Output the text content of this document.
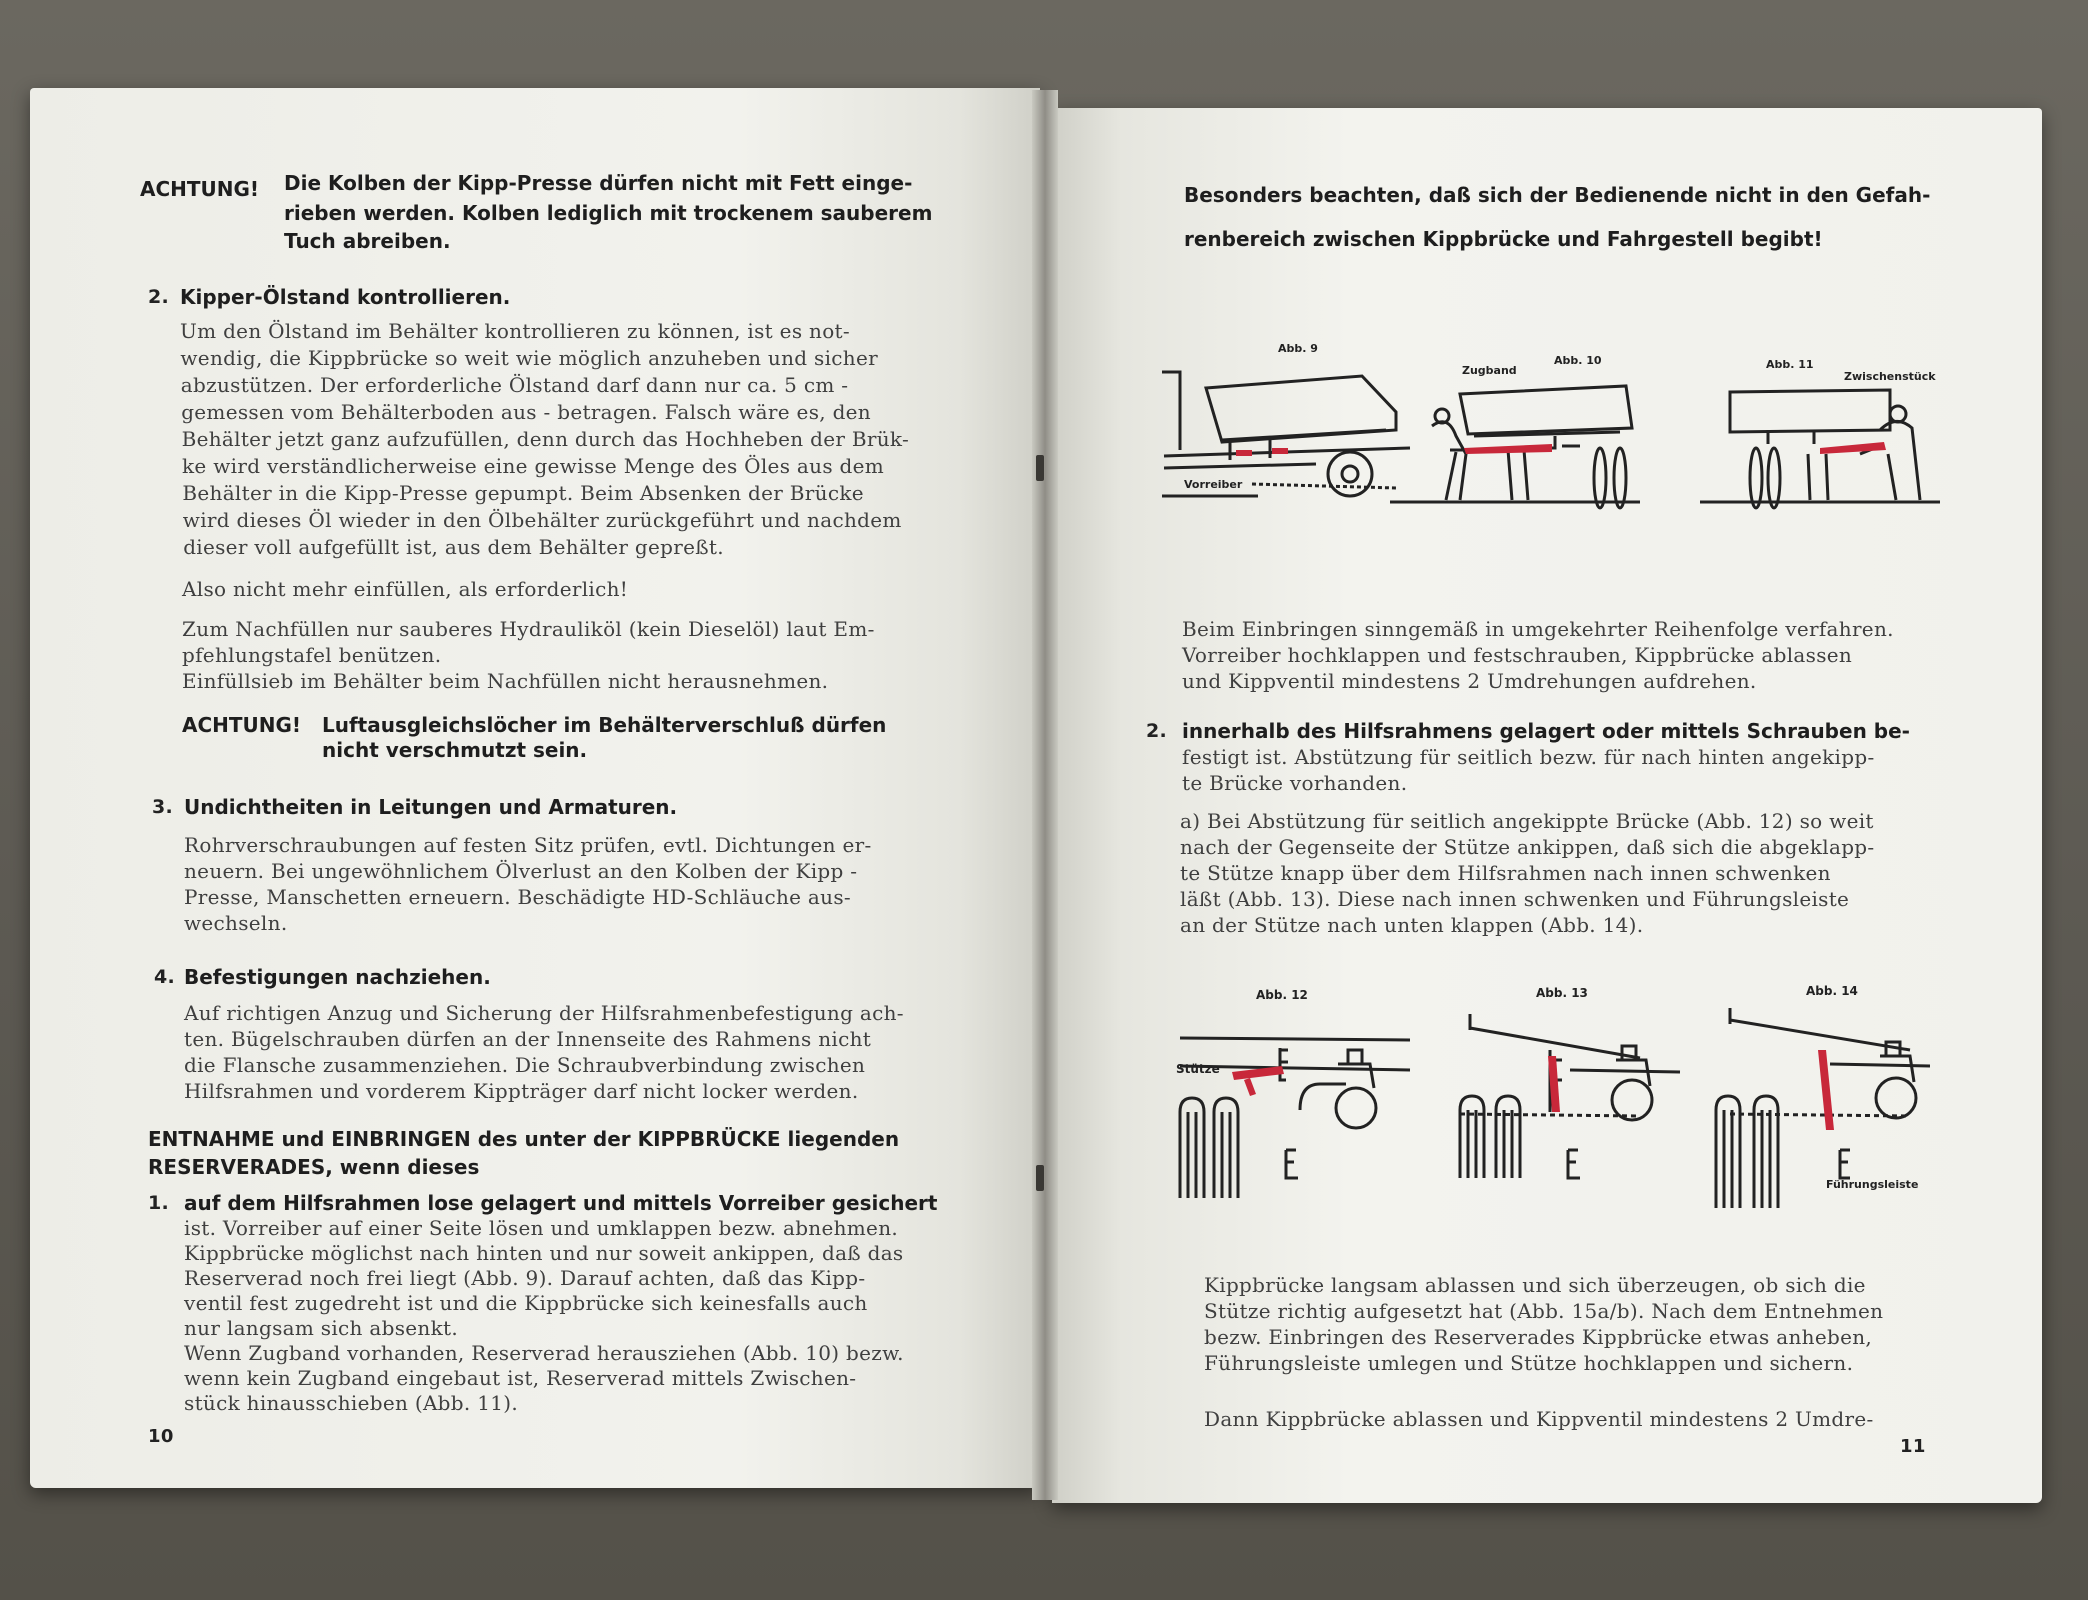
ACHTUNG! Die Kolben der Kipp-Presse dürfen nicht mit Fett einge-
rieben werden. Kolben lediglich mit trockenem sauberem
Tuch abreiben.
2. Kipper-Ölstand kontrollieren.
Um den Ölstand im Behälter kontrollieren zu können, ist es not-
wendig, die Kippbrücke so weit wie möglich anzuheben und sicher
abzustützen. Der erforderliche Ölstand darf dann nur ca. 5 cm -
gemessen vom Behälterboden aus - betragen. Falsch wäre es, den
Behälter jetzt ganz aufzufüllen, denn durch das Hochheben der Brük-
ke wird verständlicherweise eine gewisse Menge des Öles aus dem
Behälter in die Kipp-Presse gepumpt. Beim Absenken der Brücke
wird dieses Öl wieder in den Ölbehälter zurückgeführt und nachdem
dieser voll aufgefüllt ist, aus dem Behälter gepreßt.
Also nicht mehr einfüllen, als erforderlich!
Zum Nachfüllen nur sauberes Hydrauliköl (kein Dieselöl) laut Em-
pfehlungstafel benützen.
Einfüllsieb im Behälter beim Nachfüllen nicht herausnehmen.
ACHTUNG! Luftausgleichslöcher im Behälterverschluß dürfen
nicht verschmutzt sein.
3. Undichtheiten in Leitungen und Armaturen.
Rohrverschraubungen auf festen Sitz prüfen, evtl. Dichtungen er-
neuern. Bei ungewöhnlichem Ölverlust an den Kolben der Kipp -
Presse, Manschetten erneuern. Beschädigte HD-Schläuche aus-
wechseln.
4. Befestigungen nachziehen.
Auf richtigen Anzug und Sicherung der Hilfsrahmenbefestigung ach-
ten. Bügelschrauben dürfen an der Innenseite des Rahmens nicht
die Flansche zusammenziehen. Die Schraubverbindung zwischen
Hilfsrahmen und vorderem Kippträger darf nicht locker werden.
ENTNAHME und EINBRINGEN des unter der KIPPBRÜCKE liegenden
RESERVERADES, wenn dieses
1. auf dem Hilfsrahmen lose gelagert und mittels Vorreiber gesichert
ist. Vorreiber auf einer Seite lösen und umklappen bezw. abnehmen.
Kippbrücke möglichst nach hinten und nur soweit ankippen, daß das
Reserverad noch frei liegt (Abb. 9). Darauf achten, daß das Kipp-
ventil fest zugedreht ist und die Kippbrücke sich keinesfalls auch
nur langsam sich absenkt.
Wenn Zugband vorhanden, Reserverad herausziehen (Abb. 10) bezw.
wenn kein Zugband eingebaut ist, Reserverad mittels Zwischen-
stück hinausschieben (Abb. 11).
10
Besonders beachten, daß sich der Bedienende nicht in den Gefah-
renbereich zwischen Kippbrücke und Fahrgestell begibt!
Abb. 9
Abb. 10	Abb. 11
Vorreiber
Zugband	Zwischenstück
Beim Einbringen sinngemäß in umgekehrter Reihenfolge verfahren.
Vorreiber hochklappen und festschrauben, Kippbrücke ablassen
und Kippventil mindestens 2 Umdrehungen aufdrehen.
2. innerhalb des Hilfsrahmens gelagert oder mittels Schrauben be-
festigt ist. Abstützung für seitlich bezw. für nach hinten angekipp-
te Brücke vorhanden.
a) Bei Abstützung für seitlich angekippte Brücke (Abb. 12) so weit
nach der Gegenseite der Stütze ankippen, daß sich die abgeklapp-
te Stütze knapp über dem Hilfsrahmen nach innen schwenken
läßt (Abb. 13). Diese nach innen schwenken und Führungsleiste
an der Stütze nach unten klappen (Abb. 14).
Abb. 12	Abb. 13	Abb. 14
Stütze
Führungsleiste
Kippbrücke langsam ablassen und sich überzeugen, ob sich die
Stütze richtig aufgesetzt hat (Abb. 15a/b). Nach dem Entnehmen
bezw. Einbringen des Reserverades Kippbrücke etwas anheben,
Führungsleiste umlegen und Stütze hochklappen und sichern.
Dann Kippbrücke ablassen und Kippventil mindestens 2 Umdre-
11
